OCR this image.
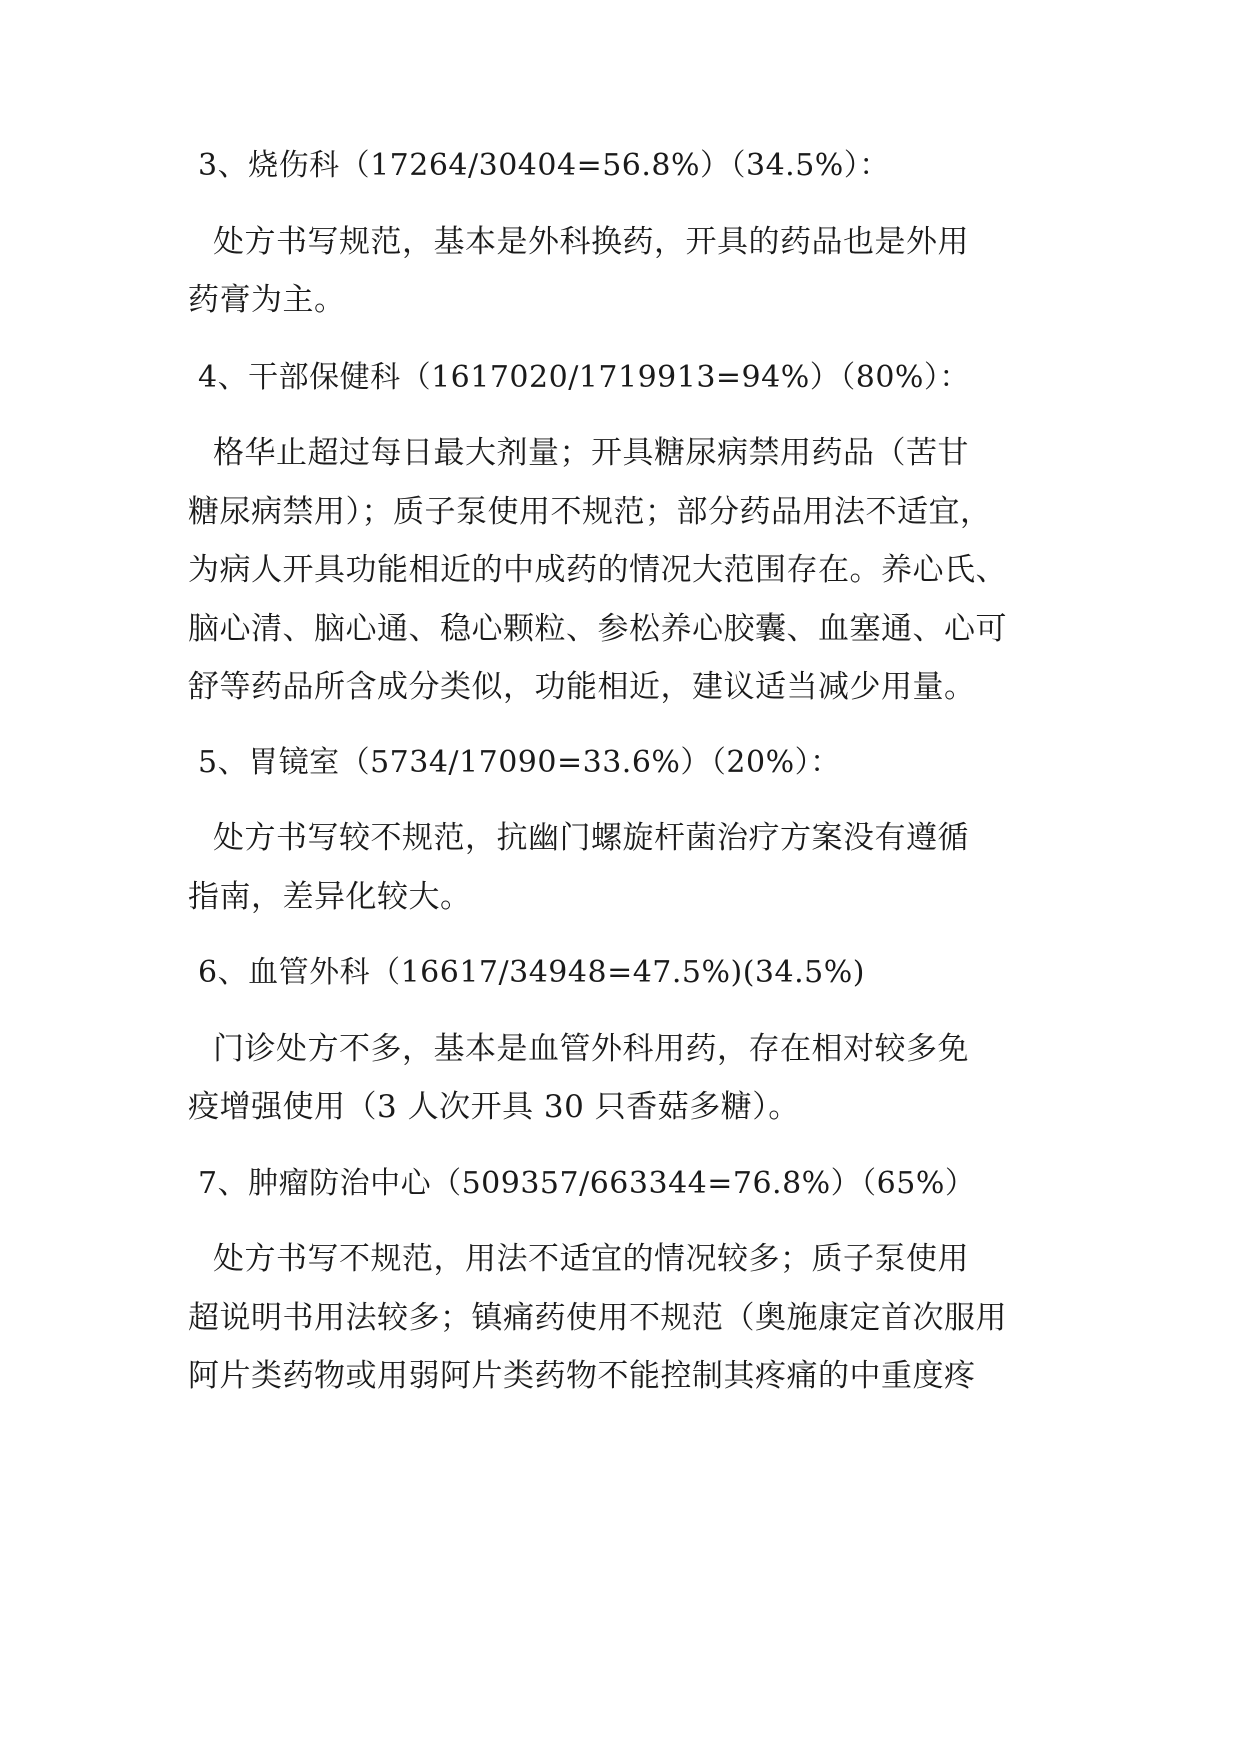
3、烧伤科（17264/30404=56.8%）（34.5%）：
处方书写规范，基本是外科换药，开具的药品也是外用
药膏为主。
4、干部保健科（1617020/1719913=94%）（80%）：
格华止超过每日最大剂量；开具糖尿病禁用药品（苦甘
糖尿病禁用）；质子泵使用不规范；部分药品用法不适宜，
为病人开具功能相近的中成药的情况大范围存在。养心氏、
脑心清、脑心通、稳心颗粒、参松养心胶囊、血塞通、心可
舒等药品所含成分类似，功能相近，建议适当减少用量。
5、胃镜室（5734/17090=33.6%）（20%）：
处方书写较不规范，抗幽门螺旋杆菌治疗方案没有遵循
指南，差异化较大。
6、血管外科（16617/34948=47.5%)(34.5%)
门诊处方不多，基本是血管外科用药，存在相对较多免
疫增强使用（3 人次开具 30 只香菇多糖）。
7、肿瘤防治中心（509357/663344=76.8%）（65%）
处方书写不规范，用法不适宜的情况较多；质子泵使用
超说明书用法较多；镇痛药使用不规范（奥施康定首次服用
阿片类药物或用弱阿片类药物不能控制其疼痛的中重度疼
